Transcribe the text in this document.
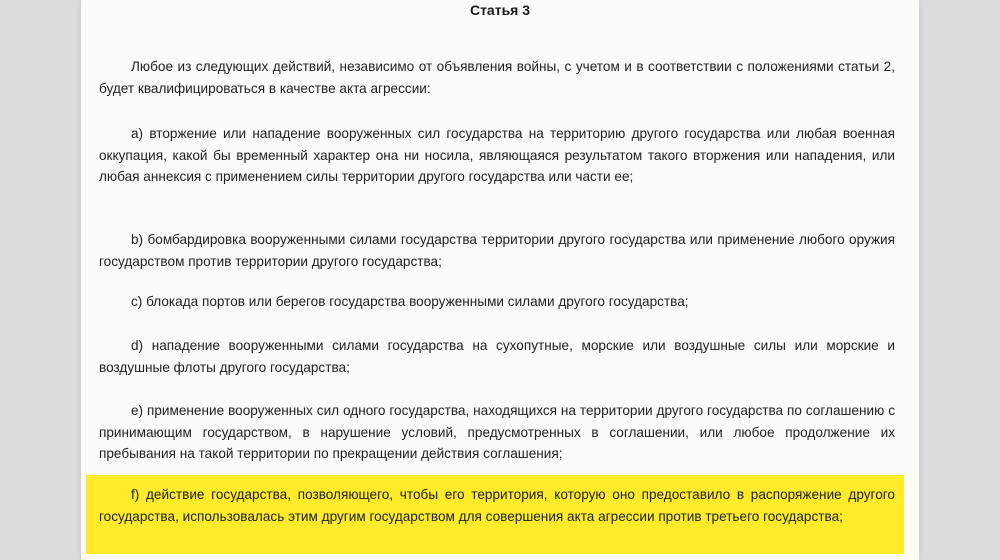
Статья 3

Любое из следующих действий, независимо от объявления войны, с учетом и в соответствии с положениями статьи 2, будет квалифицироваться в качестве акта агрессии:

a) вторжение или нападение вооруженных сил государства на территорию другого государства или любая военная оккупация, какой бы временный характер она ни носила, являющаяся результатом такого вторжения или нападения, или любая аннексия с применением силы территории другого государства или части ее;

b) бомбардировка вооруженными силами государства территории другого государства или применение любого оружия государством против территории другого государства;

c) блокада портов или берегов государства вооруженными силами другого государства;

d) нападение вооруженными силами государства на сухопутные, морские или воздушные силы или морские и воздушные флоты другого государства;

e) применение вооруженных сил одного государства, находящихся на территории другого государства по соглашению с принимающим государством, в нарушение условий, предусмотренных в соглашении, или любое продолжение их пребывания на такой территории по прекращении действия соглашения;

f) действие государства, позволяющего, чтобы его территория, которую оно предоставило в распоряжение другого государства, использовалась этим другим государством для совершения акта агрессии против третьего государства;
